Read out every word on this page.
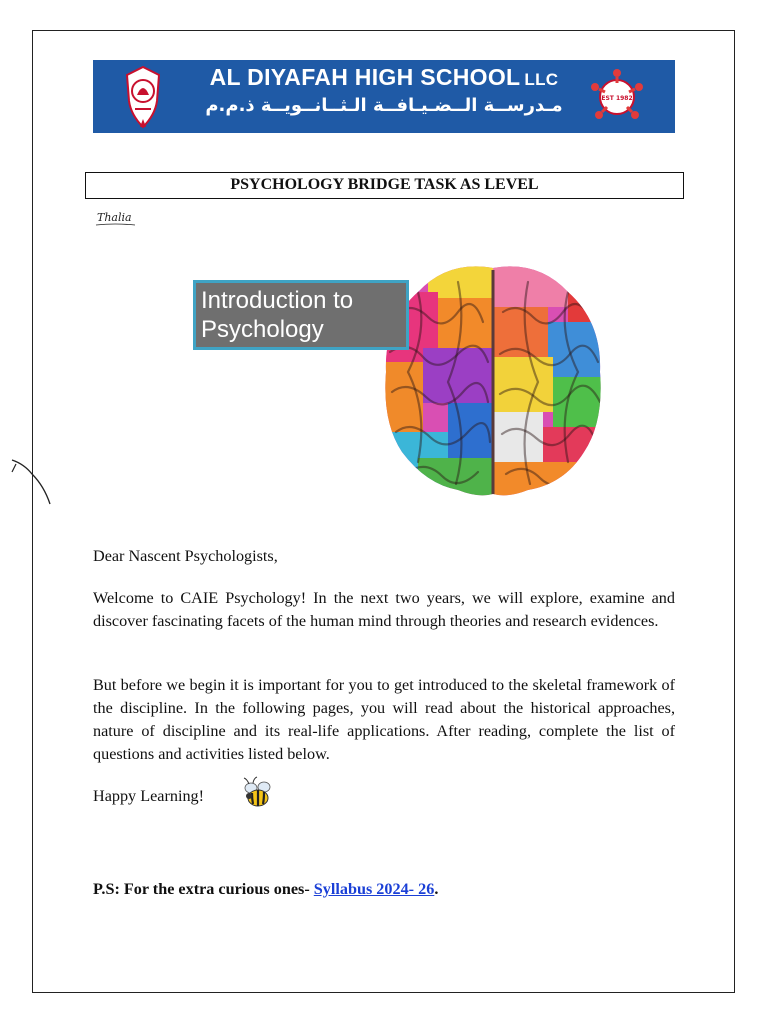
AL DIYAFAH HIGH SCHOOL LLC
مـدرســة الــضـيـافــة الـثــانــويــة ذ.م.م	EST 1982
PSYCHOLOGY BRIDGE TASK AS LEVEL
Thalia
Introduction to
Psychology
Dear Nascent Psychologists,
Welcome to CAIE Psychology! In the next two years, we will explore, examine and discover fascinating facets of the human mind through theories and research evidences.
But before we begin it is important for you to get introduced to the skeletal framework of the discipline. In the following pages, you will read about the historical approaches, nature of discipline and its real-life applications. After reading, complete the list of questions and activities listed below.
Happy Learning!
P.S: For the extra curious ones- Syllabus 2024- 26.
